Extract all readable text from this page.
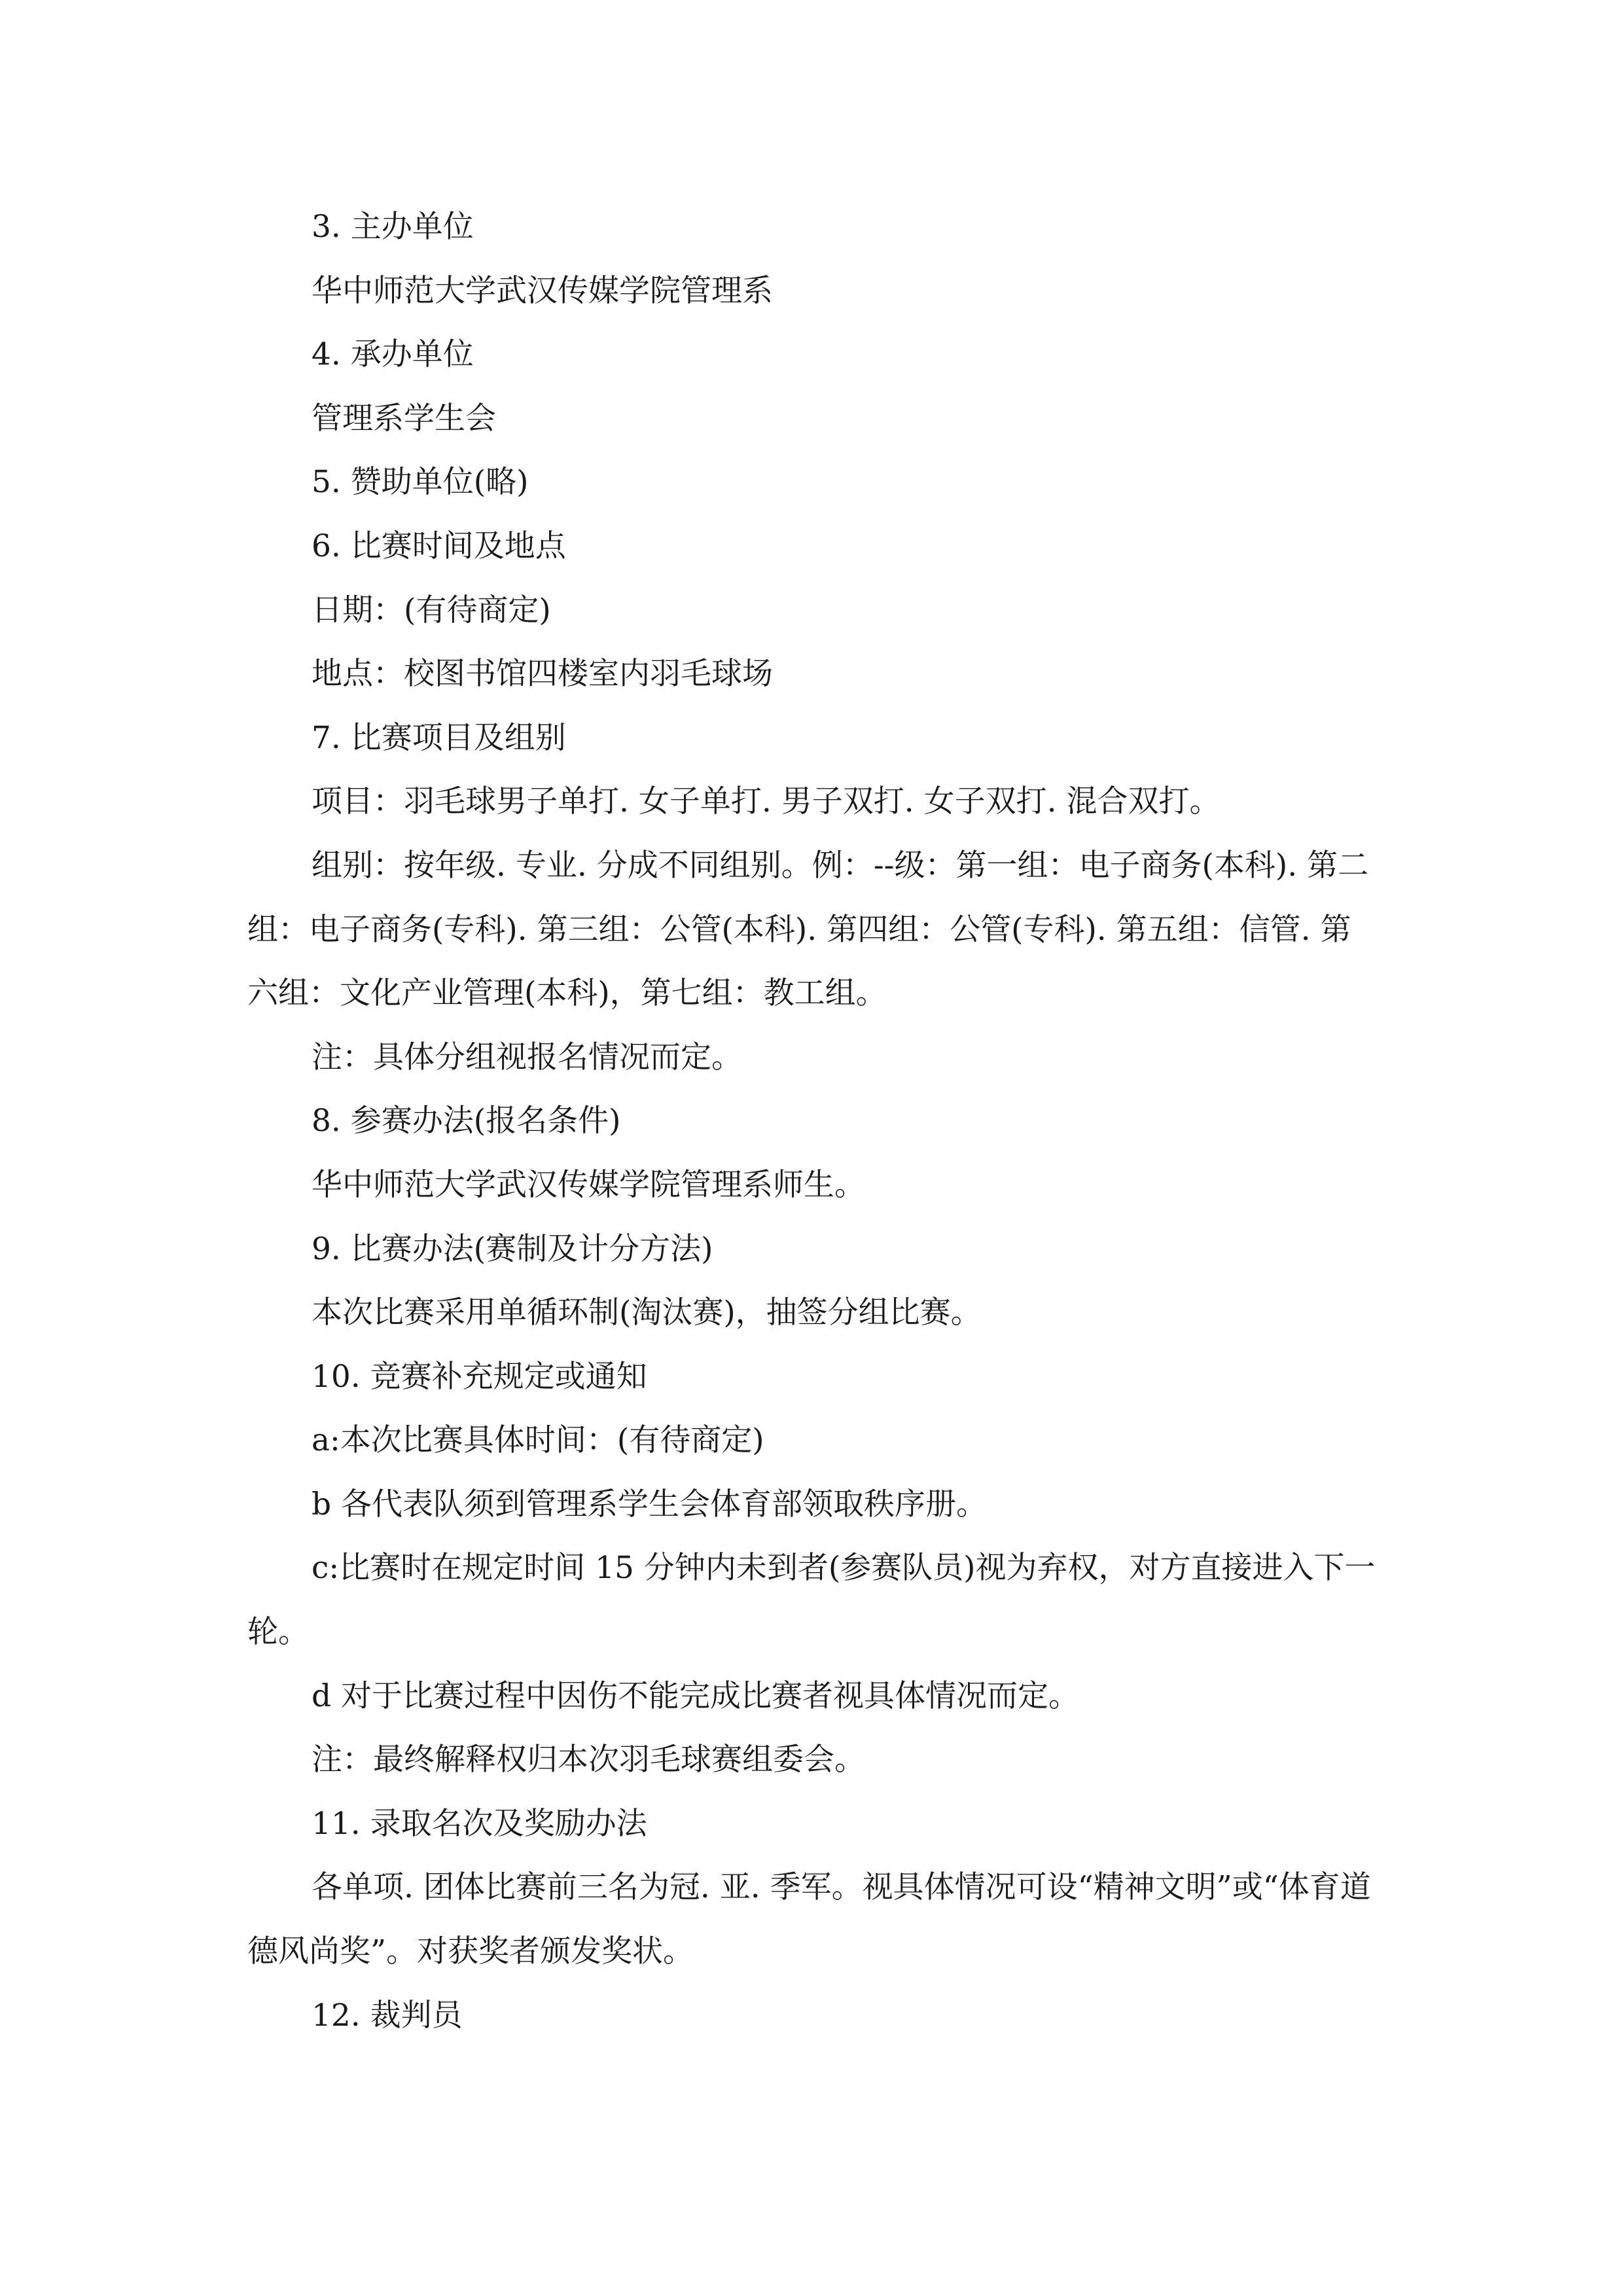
3. 主办单位

华中师范大学武汉传媒学院管理系

4. 承办单位

管理系学生会

5. 赞助单位(略)

6. 比赛时间及地点

日期：(有待商定)

地点：校图书馆四楼室内羽毛球场

7. 比赛项目及组别

项目：羽毛球男子单打. 女子单打. 男子双打. 女子双打. 混合双打。

组别：按年级. 专业. 分成不同组别。例：--级：第一组：电子商务(本科). 第二组：电子商务(专科). 第三组：公管(本科). 第四组：公管(专科). 第五组：信管. 第六组：文化产业管理(本科)，第七组：教工组。

注：具体分组视报名情况而定。

8. 参赛办法(报名条件)

华中师范大学武汉传媒学院管理系师生。

9. 比赛办法(赛制及计分方法)

本次比赛采用单循环制(淘汰赛)，抽签分组比赛。

10. 竞赛补充规定或通知

a:本次比赛具体时间：(有待商定)

b 各代表队须到管理系学生会体育部领取秩序册。

c:比赛时在规定时间 15 分钟内未到者(参赛队员)视为弃权，对方直接进入下一轮。

d 对于比赛过程中因伤不能完成比赛者视具体情况而定。

注：最终解释权归本次羽毛球赛组委会。

11. 录取名次及奖励办法

各单项. 团体比赛前三名为冠. 亚. 季军。视具体情况可设“精神文明”或“体育道德风尚奖”。对获奖者颁发奖状。

12. 裁判员
